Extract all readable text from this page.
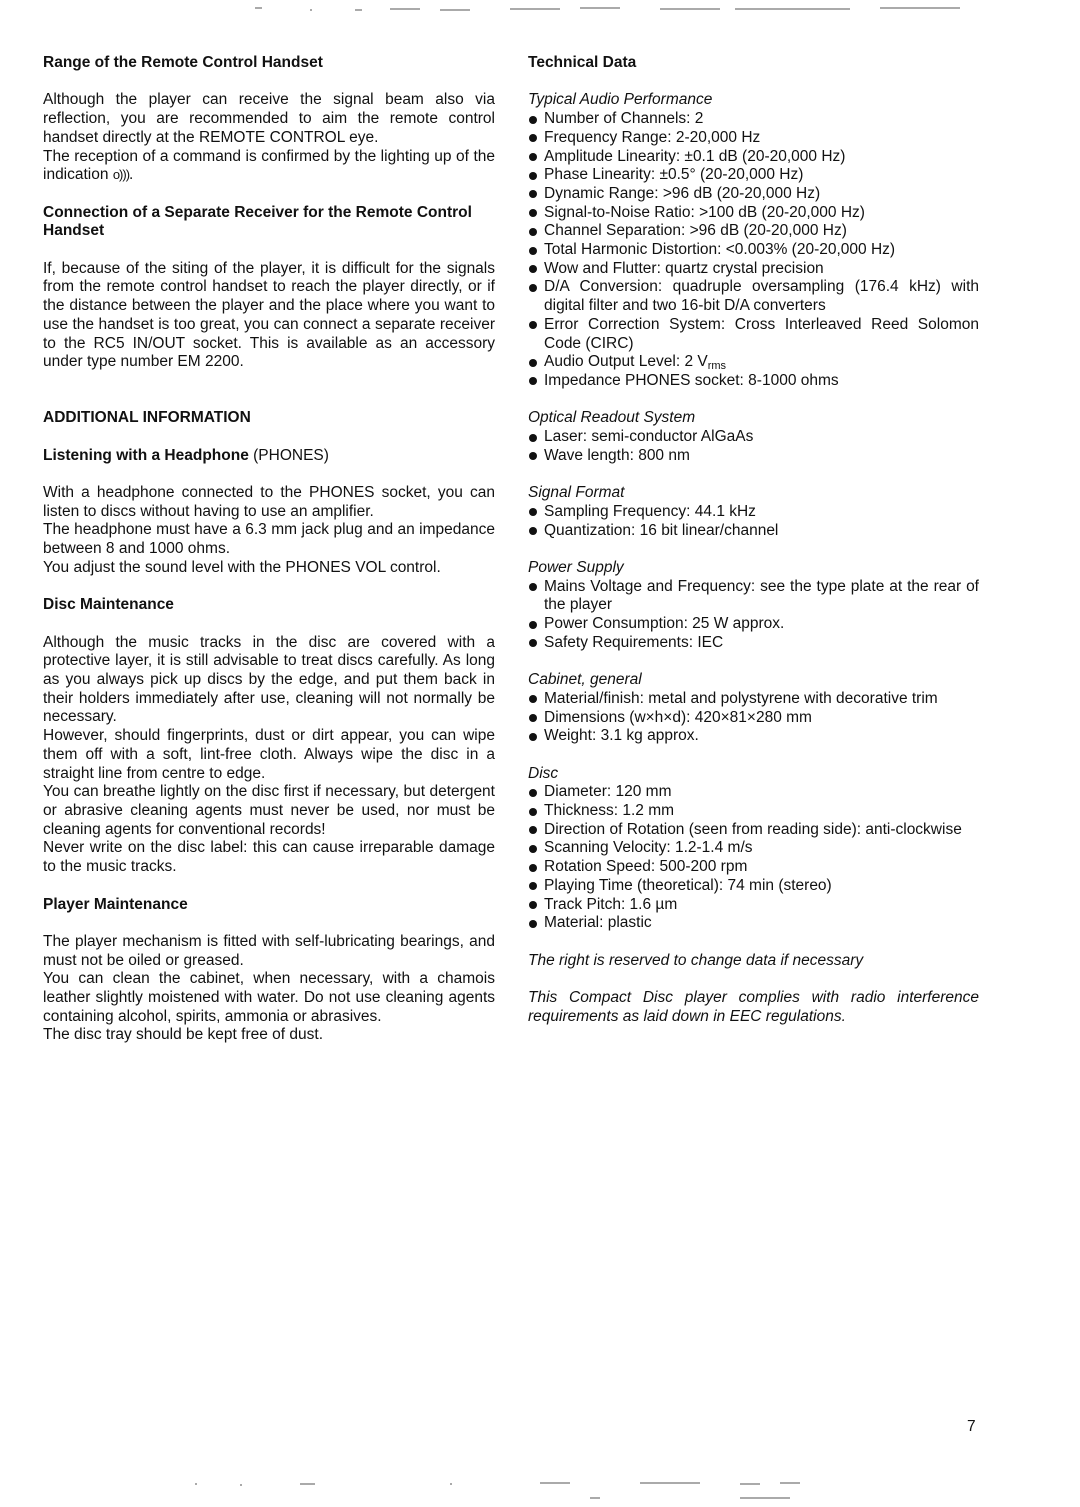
Range of the Remote Control Handset

Although the player can receive the signal beam also via reflection, you are recommended to aim the remote control handset directly at the REMOTE CONTROL eye.

The reception of a command is confirmed by the lighting up of the indication o))).

Connection of a Separate Receiver for the Remote Control Handset

If, because of the siting of the player, it is difficult for the signals from the remote control handset to reach the player directly, or if the distance between the player and the place where you want to use the handset is too great, you can connect a separate receiver to the RC5 IN/OUT socket. This is available as an accessory under type number EM 2200.

ADDITIONAL INFORMATION
Listening with a Headphone (PHONES)

With a headphone connected to the PHONES socket, you can listen to discs without having to use an amplifier.

The headphone must have a 6.3 mm jack plug and an impedance between 8 and 1000 ohms.

You adjust the sound level with the PHONES VOL control.

Disc Maintenance

Although the music tracks in the disc are covered with a protective layer, it is still advisable to treat discs carefully. As long as you always pick up discs by the edge, and put them back in their holders immediately after use, cleaning will not normally be necessary.

However, should fingerprints, dust or dirt appear, you can wipe them off with a soft, lint-free cloth. Always wipe the disc in a straight line from centre to edge.

You can breathe lightly on the disc first if necessary, but detergent or abrasive cleaning agents must never be used, nor must be cleaning agents for conventional records!

Never write on the disc label: this can cause irreparable damage to the music tracks.

Player Maintenance

The player mechanism is fitted with self-lubricating bearings, and must not be oiled or greased.

You can clean the cabinet, when necessary, with a chamois leather slightly moistened with water. Do not use cleaning agents containing alcohol, spirits, ammonia or abrasives.

The disc tray should be kept free of dust.

Technical Data

Typical Audio Performance

Number of Channels: 2
Frequency Range: 2-20,000 Hz
Amplitude Linearity: ±0.1 dB (20-20,000 Hz)
Phase Linearity: ±0.5° (20-20,000 Hz)
Dynamic Range: >96 dB (20-20,000 Hz)
Signal-to-Noise Ratio: >100 dB (20-20,000 Hz)
Channel Separation: >96 dB (20-20,000 Hz)
Total Harmonic Distortion: <0.003% (20-20,000 Hz)
Wow and Flutter: quartz crystal precision
D/A Conversion: quadruple oversampling (176.4 kHz) with digital filter and two 16-bit D/A converters
Error Correction System: Cross Interleaved Reed Solomon Code (CIRC)
Audio Output Level: 2 $V_{rms}$
Impedance PHONES socket: 8-1000 ohms

Optical Readout System

Laser: semi-conductor AlGaAs
Wave length: 800 nm

Signal Format

Sampling Frequency: 44.1 kHz
Quantization: 16 bit linear/channel

Power Supply

Mains Voltage and Frequency: see the type plate at the rear of the player
Power Consumption: 25 W approx.
Safety Requirements: IEC

Cabinet, general

Material/finish: metal and polystyrene with decorative trim
Dimensions (w×h×d): 420×81×280 mm
Weight: 3.1 kg approx.

Disc

Diameter: 120 mm
Thickness: 1.2 mm
Direction of Rotation (seen from reading side): anti-clockwise
Scanning Velocity: 1.2-1.4 m/s
Rotation Speed: 500-200 rpm
Playing Time (theoretical): 74 min (stereo)
Track Pitch: 1.6 µm
Material: plastic

The right is reserved to change data if necessary

This Compact Disc player complies with radio interference requirements as laid down in EEC regulations.

7
